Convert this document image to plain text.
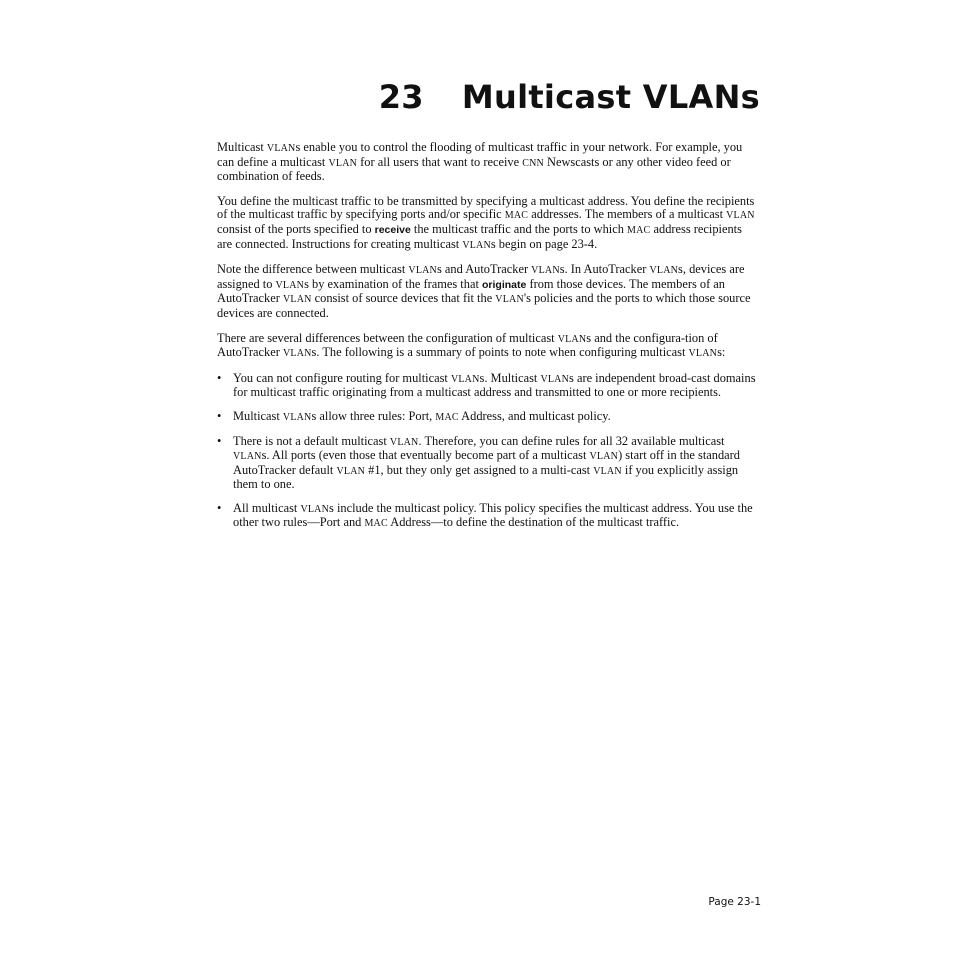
23 Multicast VLANs

Multicast VLANs enable you to control the flooding of multicast traffic in your network. For example, you can define a multicast VLAN for all users that want to receive CNN Newscasts or any other video feed or combination of feeds.

You define the multicast traffic to be transmitted by specifying a multicast address. You define the recipients of the multicast traffic by specifying ports and/or specific MAC addresses. The members of a multicast VLAN consist of the ports specified to receive the multicast traffic and the ports to which MAC address recipients are connected. Instructions for creating multicast VLANs begin on page 23-4.

Note the difference between multicast VLANs and AutoTracker VLANs. In AutoTracker VLANs, devices are assigned to VLANs by examination of the frames that originate from those devices. The members of an AutoTracker VLAN consist of source devices that fit the VLAN's policies and the ports to which those source devices are connected.

There are several differences between the configuration of multicast VLANs and the configura-tion of AutoTracker VLANs. The following is a summary of points to note when configuring multicast VLANs:

• You can not configure routing for multicast VLANs. Multicast VLANs are independent broad-cast domains for multicast traffic originating from a multicast address and transmitted to one or more recipients.
• Multicast VLANs allow three rules: Port, MAC Address, and multicast policy.
• There is not a default multicast VLAN. Therefore, you can define rules for all 32 available multicast VLANs. All ports (even those that eventually become part of a multicast VLAN) start off in the standard AutoTracker default VLAN #1, but they only get assigned to a multi-cast VLAN if you explicitly assign them to one.
• All multicast VLANs include the multicast policy. This policy specifies the multicast address. You use the other two rules—Port and MAC Address—to define the destination of the multicast traffic.
Page 23-1
